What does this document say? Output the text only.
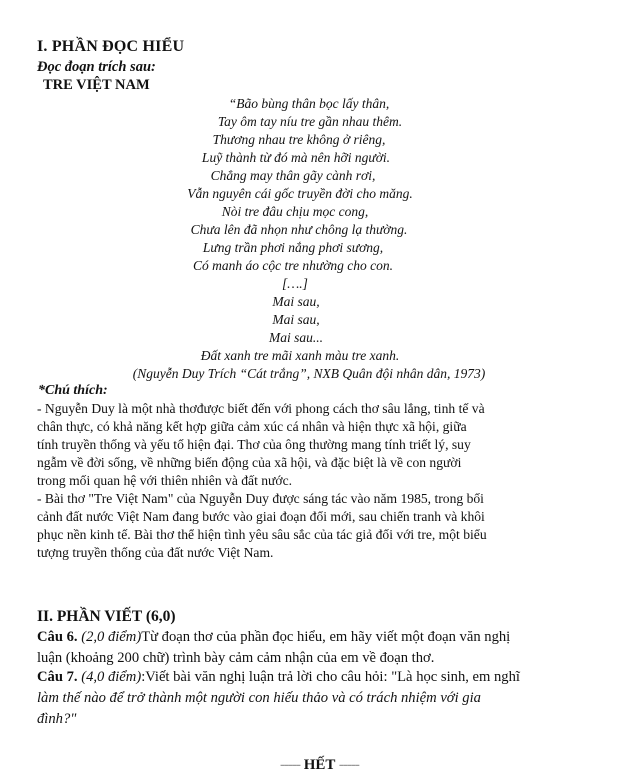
I. PHẦN ĐỌC HIỂU
Đọc đoạn trích sau:
TRE VIỆT NAM
“Bão bùng thân bọc lấy thân,
Tay ôm tay níu tre gần nhau thêm.
Thương nhau tre không ở riêng,
Luỹ thành từ đó mà nên hỡi người.
Chẳng may thân gãy cành rơi,
Vẫn nguyên cái gốc truyền đời cho măng.
Nòi tre đâu chịu mọc cong,
Chưa lên đã nhọn như chông lạ thường.
Lưng trần phơi nắng phơi sương,
Có manh áo cộc tre nhường cho con.
[….]
Mai sau,
Mai sau,
Mai sau...
Đất xanh tre mãi xanh màu tre xanh.
(Nguyễn Duy Trích “Cát trắng”, NXB Quân đội nhân dân, 1973)
*Chú thích:
- Nguyễn Duy là một nhà thơđược biết đến với phong cách thơ sâu lắng, tinh tế và
chân thực, có khả năng kết hợp giữa cảm xúc cá nhân và hiện thực xã hội, giữa
tính truyền thống và yếu tố hiện đại. Thơ của ông thường mang tính triết lý, suy
ngẫm về đời sống, về những biến động của xã hội, và đặc biệt là về con người
trong mối quan hệ với thiên nhiên và đất nước.
- Bài thơ "Tre Việt Nam" của Nguyễn Duy được sáng tác vào năm 1985, trong bối
cảnh đất nước Việt Nam đang bước vào giai đoạn đổi mới, sau chiến tranh và khôi
phục nền kinh tế. Bài thơ thể hiện tình yêu sâu sắc của tác giả đối với tre, một biểu
tượng truyền thống của đất nước Việt Nam.
II. PHẦN VIẾT (6,0)
Câu 6. (2,0 điểm)Từ đoạn thơ của phần đọc hiểu, em hãy viết một đoạn văn nghị
luận (khoảng 200 chữ) trình bày cảm cảm nhận của em về đoạn thơ.
Câu 7. (4,0 điểm):Viết bài văn nghị luận trả lời cho câu hỏi: "Là học sinh, em nghĩ
làm thế nào để trở thành một người con hiếu thảo và có trách nhiệm với gia
đình?"
----- HẾT -----
